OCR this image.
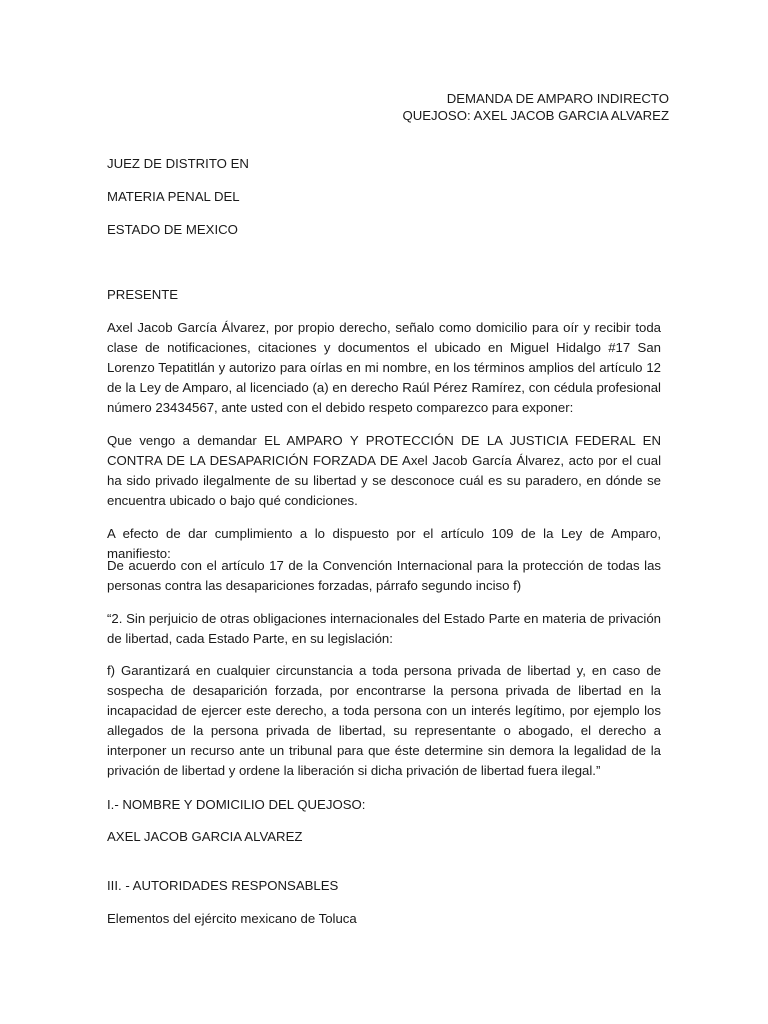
DEMANDA DE AMPARO INDIRECTO
QUEJOSO: AXEL JACOB GARCIA ALVAREZ
JUEZ DE DISTRITO EN
MATERIA PENAL DEL
ESTADO DE MEXICO
PRESENTE
Axel Jacob García Álvarez, por propio derecho, señalo como domicilio para oír y recibir toda clase de notificaciones, citaciones y documentos el ubicado en Miguel Hidalgo #17 San Lorenzo Tepatitlán y autorizo para oírlas en mi nombre, en los términos amplios del artículo 12 de la Ley de Amparo, al licenciado (a) en derecho Raúl Pérez Ramírez, con cédula profesional número 23434567, ante usted con el debido respeto comparezco para exponer:
Que vengo a demandar EL AMPARO Y PROTECCIÓN DE LA JUSTICIA FEDERAL EN CONTRA DE LA DESAPARICIÓN FORZADA DE Axel Jacob García Álvarez, acto por el cual ha sido privado ilegalmente de su libertad y se desconoce cuál es su paradero, en dónde se encuentra ubicado o bajo qué condiciones.
A efecto de dar cumplimiento a lo dispuesto por el artículo 109 de la Ley de Amparo, manifiesto:
De acuerdo con el artículo 17 de la Convención Internacional para la protección de todas las personas contra las desapariciones forzadas, párrafo segundo inciso f)
“2. Sin perjuicio de otras obligaciones internacionales del Estado Parte en materia de privación de libertad, cada Estado Parte, en su legislación:
f) Garantizará en cualquier circunstancia a toda persona privada de libertad y, en caso de sospecha de desaparición forzada, por encontrarse la persona privada de libertad en la incapacidad de ejercer este derecho, a toda persona con un interés legítimo, por ejemplo los allegados de la persona privada de libertad, su representante o abogado, el derecho a interponer un recurso ante un tribunal para que éste determine sin demora la legalidad de la privación de libertad y ordene la liberación si dicha privación de libertad fuera ilegal.”
I.- NOMBRE Y DOMICILIO DEL QUEJOSO:
AXEL JACOB GARCIA ALVAREZ
III. - AUTORIDADES RESPONSABLES
Elementos del ejército mexicano de Toluca
